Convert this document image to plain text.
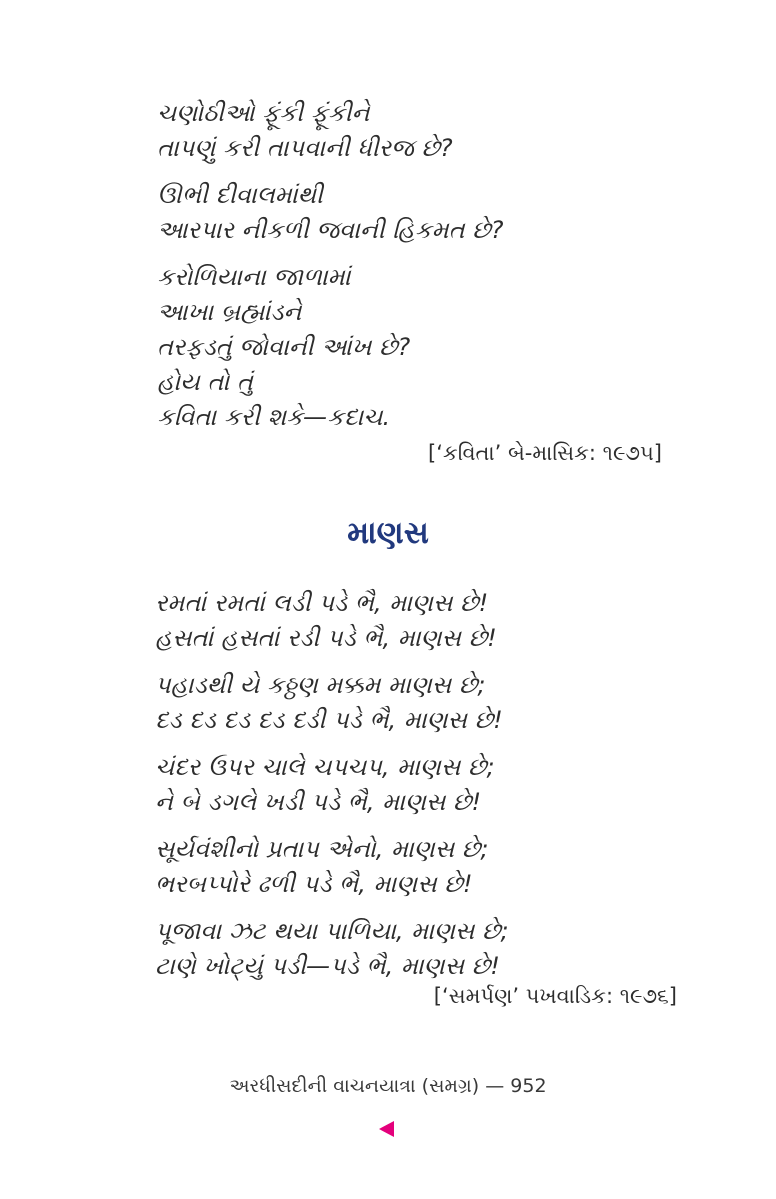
ચણોઠીઓ ફૂંકી ફૂંકીને
તાપણું કરી તાપવાની ધીરજ છે?
ઊભી દીવાલમાંથી
આરપાર નીકળી જવાની હિકમત છે?
કરોળિયાના જાળામાં
આખા બ્રહ્માંડને
તરફડતું જોવાની આંખ છે?
હોય તો તું
કવિતા કરી શકે—કદાચ.
[‘કવિતા’ બે-માસિક: ૧૯૭૫]
માણસ
રમતાં રમતાં લડી પડે ભૈ, માણસ છે!
હસતાં હસતાં રડી પડે ભૈ, માણસ છે!
પહાડથી યે કઠ્ઠણ મક્કમ માણસ છે;
દડ દડ દડ દડ દડી પડે ભૈ, માણસ છે!
ચંદર ઉપર ચાલે ચપચપ, માણસ છે;
ને બે ડગલે ખડી પડે ભૈ, માણસ છે!
સૂર્યવંશીનો પ્રતાપ એનો, માણસ છે;
ભરબપ્પોરે ઢળી પડે ભૈ, માણસ છે!
પૂજાવા ઝટ થયા પાળિયા, માણસ છે;
ટાણે ખોટ્યું પડી—પડે ભૈ, માણસ છે!
[‘સમર્પણ’ પખવાડિક: ૧૯૭૬]
અરધીસદીની વાચનયાત્રા (સમગ્ર) — 952
